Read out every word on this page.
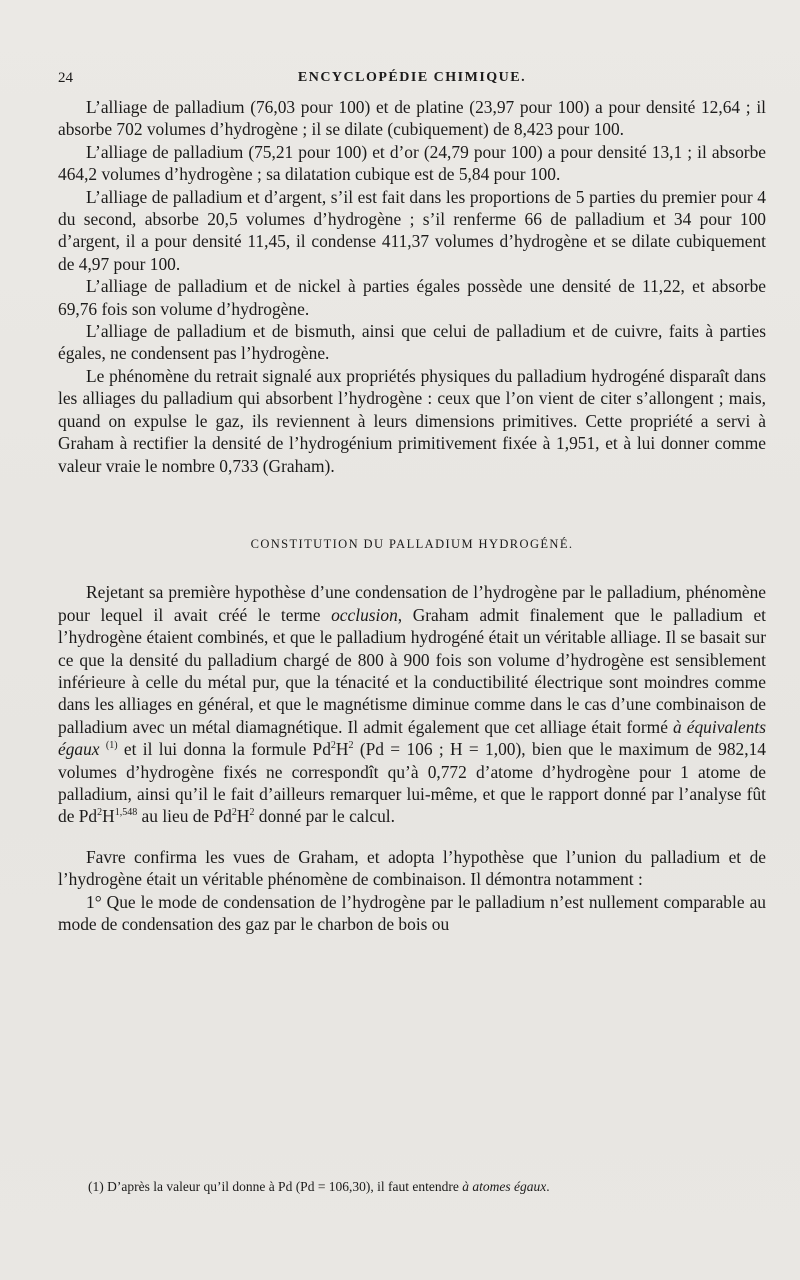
24	ENCYCLOPÉDIE CHIMIQUE.

L’alliage de palladium (76,03 pour 100) et de platine (23,97 pour 100) a pour densité 12,64 ; il absorbe 702 volumes d’hydrogène ; il se dilate (cubiquement) de 8,423 pour 100.

L’alliage de palladium (75,21 pour 100) et d’or (24,79 pour 100) a pour densité 13,1 ; il absorbe 464,2 volumes d’hydrogène ; sa dilatation cubique est de 5,84 pour 100.

L’alliage de palladium et d’argent, s’il est fait dans les proportions de 5 parties du premier pour 4 du second, absorbe 20,5 volumes d’hydrogène ; s’il renferme 66 de palladium et 34 pour 100 d’argent, il a pour densité 11,45, il condense 411,37 volumes d’hydrogène et se dilate cubiquement de 4,97 pour 100.

L’alliage de palladium et de nickel à parties égales possède une densité de 11,22, et absorbe 69,76 fois son volume d’hydrogène.

L’alliage de palladium et de bismuth, ainsi que celui de palladium et de cuivre, faits à parties égales, ne condensent pas l’hydrogène.

Le phénomène du retrait signalé aux propriétés physiques du palladium hydrogéné disparaît dans les alliages du palladium qui absorbent l’hydrogène : ceux que l’on vient de citer s’allongent ; mais, quand on expulse le gaz, ils reviennent à leurs dimensions primitives. Cette propriété a servi à Graham à rectifier la densité de l’hydrogénium primitivement fixée à 1,951, et à lui donner comme valeur vraie le nombre 0,733 (Graham).

CONSTITUTION DU PALLADIUM HYDROGÉNÉ.

Rejetant sa première hypothèse d’une condensation de l’hydrogène par le palladium, phénomène pour lequel il avait créé le terme occlusion, Graham admit finalement que le palladium et l’hydrogène étaient combinés, et que le palladium hydrogéné était un véritable alliage. Il se basait sur ce que la densité du palladium chargé de 800 à 900 fois son volume d’hydrogène est sensiblement inférieure à celle du métal pur, que la ténacité et la conductibilité électrique sont moindres comme dans les alliages en général, et que le magnétisme diminue comme dans le cas d’une combinaison de palladium avec un métal diamagnétique. Il admit également que cet alliage était formé à équivalents égaux $^{(1)}$ et il lui donna la formule $Pd^2H^2$ (Pd = 106 ; H = 1,00), bien que le maximum de 982,14 volumes d’hydrogène fixés ne correspondît qu’à 0,772 d’atome d’hydrogène pour 1 atome de palladium, ainsi qu’il le fait d’ailleurs remarquer lui-même, et que le rapport donné par l’analyse fût de $Pd^2H^{1,548}$ au lieu de $Pd^2H^2$ donné par le calcul.

Favre confirma les vues de Graham, et adopta l’hypothèse que l’union du palladium et de l’hydrogène était un véritable phénomène de combinaison. Il démontra notamment :

1° Que le mode de condensation de l’hydrogène par le palladium n’est nullement comparable au mode de condensation des gaz par le charbon de bois ou

(1) D’après la valeur qu’il donne à Pd (Pd = 106,30), il faut entendre à atomes égaux.
